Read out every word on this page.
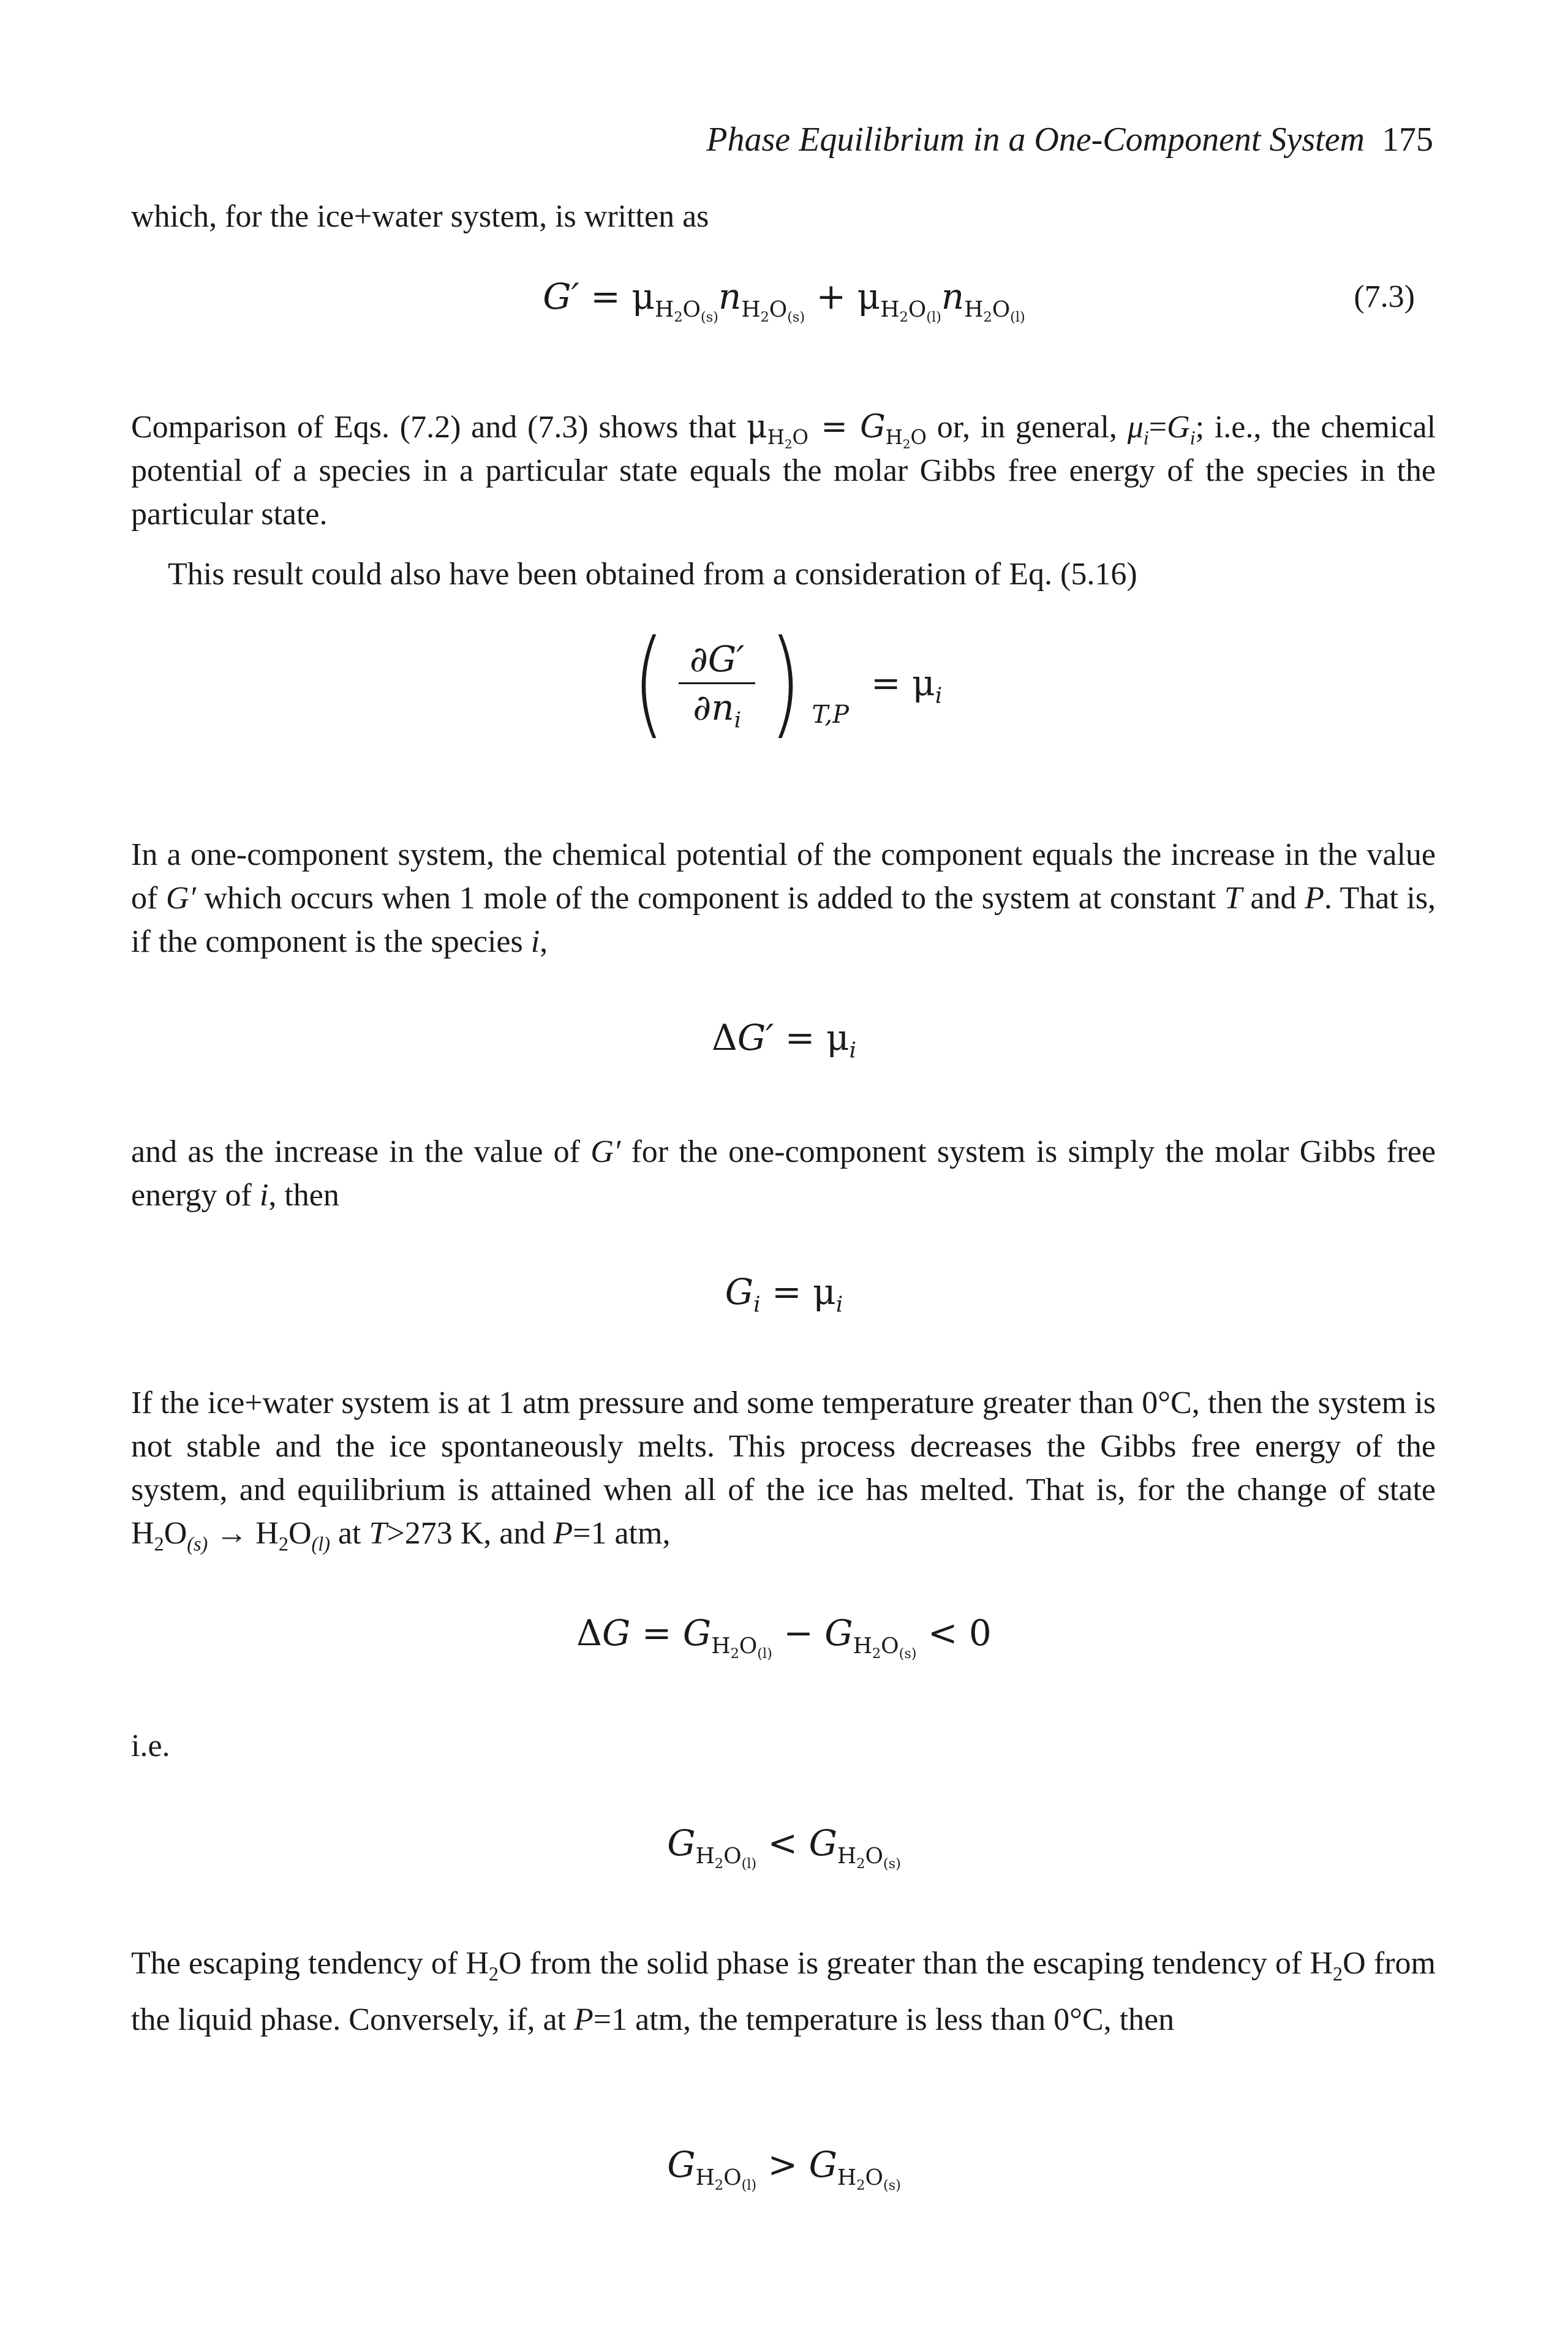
Phase Equilibrium in a One-Component System 175

which, for the ice+water system, is written as

$G' = \mu_{H_2O_{(s)}}n_{H_2O_{(s)}} + \mu_{H_2O_{(l)}}n_{H_2O_{(l)}}$
(7.3)

Comparison of Eqs. (7.2) and (7.3) shows that $\mu_{H_2O} = G_{H_2O}$ or, in general, $\mu_i=G_i$; i.e., the chemical potential of a species in a particular state equals the molar Gibbs free energy of the species in the particular state.

This result could also have been obtained from a consideration of Eq. (5.16)

( $\frac{\partial G'}{\partial n_i}$ ) T,P
= $\mu_i$

In a one-component system, the chemical potential of the component equals the increase in the value of G′ which occurs when 1 mole of the component is added to the system at constant T and P. That is, if the component is the species i,

$\Delta G' = \mu_i$

and as the increase in the value of G′ for the one-component system is simply the molar Gibbs free energy of i, then

$G_i = \mu_i$

If the ice+water system is at 1 atm pressure and some temperature greater than 0°C, then the system is not stable and the ice spontaneously melts. This process decreases the Gibbs free energy of the system, and equilibrium is attained when all of the ice has melted. That is, for the change of state $H_2O_{(s)} \to H_2O_{(l)}$ at T>273 K, and P=1 atm,

$\Delta G = G_{H_2O_{(l)}} - G_{H_2O_{(s)}} < 0$

i.e.

$G_{H_2O_{(l)}} < G_{H_2O_{(s)}}$

The escaping tendency of $H_2O$ from the solid phase is greater than the escaping tendency of $H_2O$ from the liquid phase. Conversely, if, at P=1 atm, the temperature is less than 0°C, then

$G_{H_2O_{(l)}} > G_{H_2O_{(s)}}$
